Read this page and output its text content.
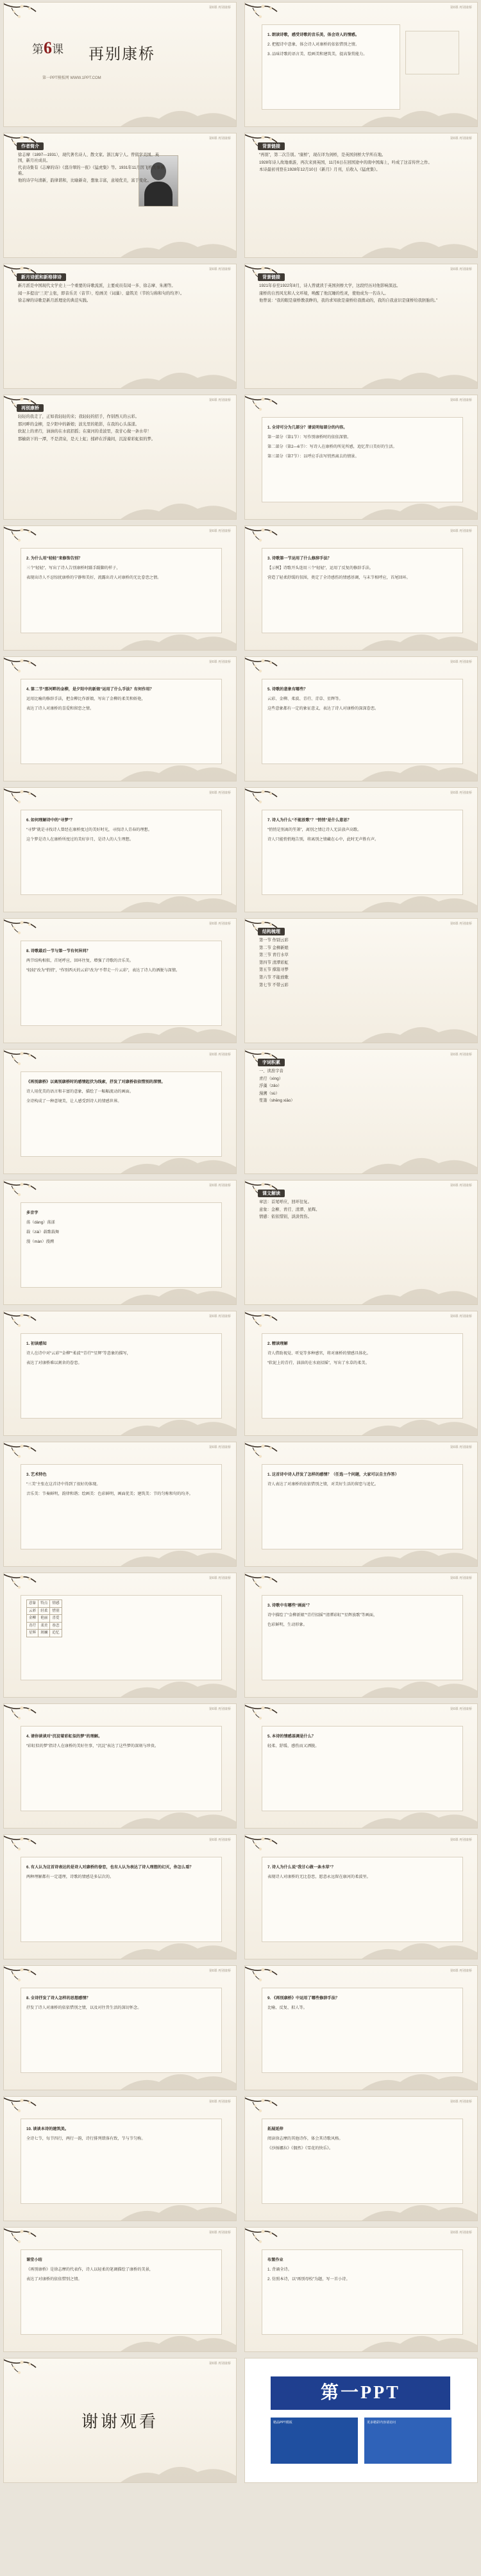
第6课 再别康桥
第6课 再别康桥
第一PPT模板网 WWW.1PPT.COM
第6课 再别康桥

1. 朗读诗歌，感受诗歌的音乐美，体会诗人的情感。

2. 把握诗中意象，体会诗人对康桥的依依惜别之情。

3. 品味诗歌的语言美、绘画美和建筑美，提高鉴赏能力。

第6课 再别康桥
作者简介

徐志摩（1897—1931），现代著名诗人、散文家。浙江海宁人。曾留学美国、英国，新月社成员。

代表诗集有《志摩的诗》《翡冷翠的一夜》《猛虎集》等。1931年11月因飞机失事遇难。

他的诗字句清新，韵律谐和，比喻新奇，想象丰富，意境优美，富于变化。

第6课 再别康桥
背景链接

“再别”，第二次告别。“康桥”，现在译为剑桥，是英国剑桥大学所在地。

1928年诗人故地重游，再次来到英国，11月6日在回国途中的南中国海上，吟成了这首传世之作。

本诗最初刊登在1928年12月10日《新月》月刊，后收入《猛虎集》。

第6课 再别康桥
新月诗派和新格律诗

新月派是中国现代文学史上一个重要的诗歌流派，主要成员有闻一多、徐志摩、朱湘等。

闻一多提出“三美”主张，即音乐美（音节）、绘画美（词藻）、建筑美（节的匀称和句的均齐）。

徐志摩的诗歌是新月派理论的典范实践。

第6课 再别康桥
背景链接

1921年春至1922年8月，诗人曾就读于英国剑桥大学，这段经历对他影响深远。

康桥的自然风光和人文环境，唤醒了他沉睡的性灵，使他成为一名诗人。

他曾说：“我的眼是康桥教我睁的，我的求知欲是康桥给我拨动的，我的自我意识是康桥给我胚胎的。”

第6课 再别康桥
再别康桥

轻轻的我走了，正如我轻轻的来；我轻轻的招手，作别西天的云彩。

那河畔的金柳，是夕阳中的新娘；波光里的艳影，在我的心头荡漾。

软泥上的青荇，油油的在水底招摇；在康河的柔波里，我甘心做一条水草！

那榆荫下的一潭，不是清泉，是天上虹；揉碎在浮藻间，沉淀着彩虹似的梦。

第6课 再别康桥

1. 全诗可分为几部分？请说明每部分的内容。

第一部分（第1节）：写作别康桥时的依依深情。

第二部分（第2—6节）：写诗人在康桥的所见所感，追忆昔日美好的生活。

第三部分（第7节）：以呼应手法写悄然离去的情景。

第6课 再别康桥

2. 为什么用“轻轻”来修饰告别？

三个“轻轻”，写出了诗人告别康桥时蹑手蹑脚的样子，

表现出诗人不忍惊扰康桥的宁静和美好，流露出诗人对康桥的无比眷恋之情。

第6课 再别康桥

3. 诗歌第一节运用了什么修辞手法？

【示例】诗歌开头连用三个“轻轻”，运用了反复的修辞手法。

营造了轻柔舒缓的氛围，奠定了全诗感伤的情感基调，与末节相呼应，首尾回环。

第6课 再别康桥

4. 第二节“那河畔的金柳，是夕阳中的新娘”运用了什么手法？有何作用？

运用比喻的修辞手法，把金柳比作新娘，写出了金柳的柔美和娇艳，

表达了诗人对康桥的喜爱和留恋之情。

第6课 再别康桥

5. 诗歌的意象有哪些？

云彩、金柳、柔波、青荇、青草、星辉等。

这些意象都有一定的象征意义，表达了诗人对康桥的深深眷恋。

第6课 再别康桥

6. 如何理解诗中的“寻梦”？

“寻梦”就是寻找诗人曾经在康桥度过的美好时光，寻找诗人青春的理想。

这个梦是诗人在康桥所度过的美好岁月，是诗人的人生理想。

第6课 再别康桥

7. 诗人为什么“不能放歌”？“悄悄”是什么意思？

“悄悄是别离的笙箫”，离别之情让诗人无法放声高歌。

诗人只能悄悄地告别，将离别之情藏在心中，此时无声胜有声。

第6课 再别康桥

8. 诗歌最后一节与第一节有何异同？

两节结构相似，首尾呼应，回环往复，增强了诗歌的音乐美。

“轻轻”改为“悄悄”，“作别西天的云彩”改为“不带走一片云彩”，表达了诗人的洒脱与深情。

第6课 再别康桥
结构梳理

第一节 作别云彩

第二节 金柳新娘

第三节 青荇水草

第四节 清潭彩虹

第五节 撑篙寻梦

第六节 不能放歌

第七节 不带云彩

第6课 再别康桥

《再别康桥》以离别康桥时的感情起伏为线索，抒发了对康桥依依惜别的深情。

诗人用优美的语言和丰富的意象，描绘了一幅幅流动的画面。

全诗构成了一种意境美，让人感受到诗人的情感世界。

第6课 再别康桥
字词积累

一、读准字音

青荇（xìng）

浮藻（zǎo）

漫溯（sù）

笙箫（shēng xiāo）

第6课 再别康桥

多音字

荡（dàng）荡漾

载（zài）载歌载舞

漫（màn）漫溯

第6课 再别康桥
课文解读

章法：首尾呼应，回环往复。

意象：金柳、青荇、清潭、星辉。

情感：依依惜别，淡淡忧伤。

第6课 再别康桥

1. 初读感知

诗人在诗中对“云彩”“金柳”“柔波”“青荇”“星辉”等意象的描写，

表达了对康桥难以割舍的眷恋。

第6课 再别康桥

2. 精读理解

诗人借助视觉、听觉等多种感官，将对康桥的情感具体化。

“软泥上的青荇，油油的在水底招摇”，写出了水草的柔美。

第6课 再别康桥

3. 艺术特色

“三美”主张在这首诗中得到了很好的体现。

音乐美：节奏鲜明，韵律和谐；绘画美：色彩鲜明，画面优美；建筑美：节的匀称和句的均齐。

第6课 再别康桥

1. 这首诗中诗人抒发了怎样的感情？（任选一个问题，大家可以自主作答）

诗人表达了对康桥的依依惜别之情，对美好生活的留恋与追忆。

第6课 再别康桥
意象	特点	情感
云彩	轻柔	惜别
金柳	艳丽	喜爱
青荇	柔美	眷恋
星辉	斑斓	追忆
第6课 再别康桥

3. 诗歌中有哪些“画面”？

诗中描绘了“金柳新娘”“青荇招摇”“清潭彩虹”“星辉放歌”等画面，

色彩鲜明，生动形象。

第6课 再别康桥

4. 请你谈谈对“沉淀着彩虹似的梦”的理解。

“彩虹似的梦”指诗人在康桥的美好往事，“沉淀”表达了这些梦的深刻与珍贵。

第6课 再别康桥

5. 本诗的情感基调是什么？

轻柔、舒缓、感伤而又洒脱。

第6课 再别康桥

6. 有人认为这首诗表达的是诗人对康桥的眷恋，也有人认为表达了诗人理想的幻灭，你怎么看？

两种理解都有一定道理，诗歌的情感是多层次的。

第6课 再别康桥

7. 诗人为什么说“我甘心做一条水草”？

表现诗人对康桥的无比眷恋，愿意永远留在康河的柔波里。

第6课 再别康桥

8. 全诗抒发了诗人怎样的思想感情？

抒发了诗人对康桥的依依惜别之情，以及对往昔生活的深切怀念。

第6课 再别康桥

9. 《再别康桥》中运用了哪些修辞手法？

比喻、反复、拟人等。

第6课 再别康桥

10. 谈谈本诗的建筑美。

全诗七节，每节四行，两行一韵，诗行排列错落有致，节与节匀称。

第6课 再别康桥

拓展延伸

阅读徐志摩的其他诗作，体会其诗歌风格。

《沙扬娜拉》《偶然》《雪花的快乐》。

第6课 再别康桥

课堂小结

《再别康桥》是徐志摩的代表作，诗人以轻柔的笔调描绘了康桥的美景，

表达了对康桥的依依惜别之情。

第6课 再别康桥

布置作业

1. 背诵全诗。

2. 仿照本诗，以“再别母校”为题，写一首小诗。

第6课 再别康桥
谢谢观看
第一PPT
精品PPT模板	更多精彩内容请访问
